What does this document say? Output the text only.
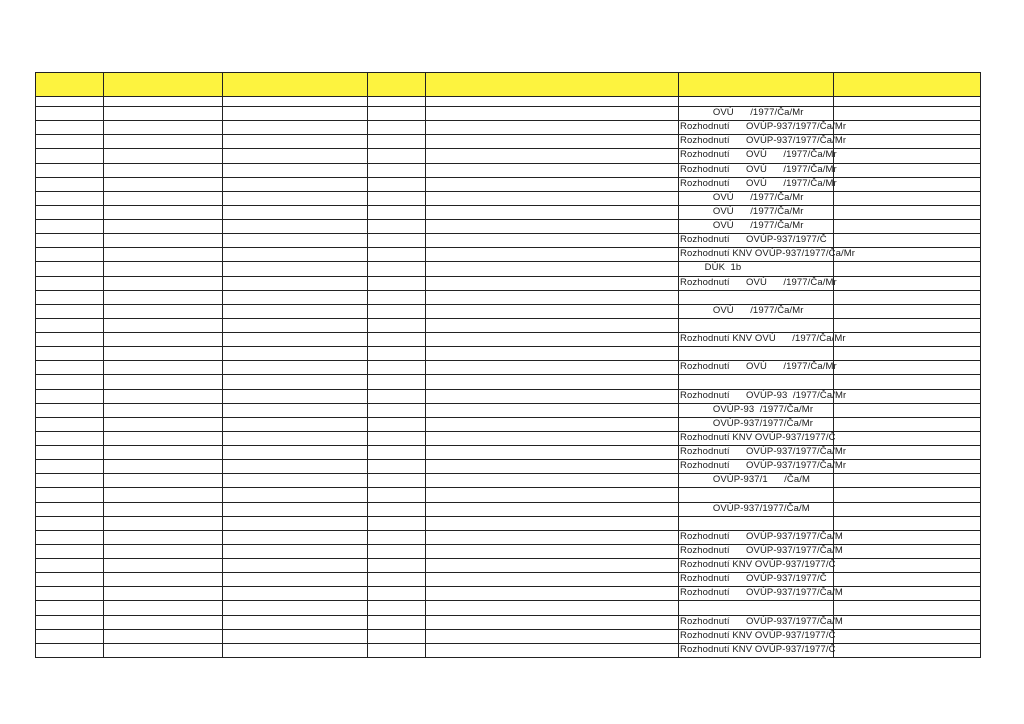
OVÚ      /1977/Ča/Mr
Rozhodnutí      OVÚP-937/1977/Ča/Mr
Rozhodnutí      OVÚP-937/1977/Ča/Mr
Rozhodnutí      OVÚ      /1977/Ča/Mr
Rozhodnutí      OVÚ      /1977/Ča/Mr
Rozhodnutí      OVÚ      /1977/Ča/Mr
OVÚ      /1977/Ča/Mr
OVÚ      /1977/Ča/Mr
OVÚ      /1977/Ča/Mr
Rozhodnutí      OVÚP-937/1977/Č
Rozhodnutí KNV OVÚP-937/1977/Ča/Mr
DÚK  1b
Rozhodnutí      OVÚ      /1977/Ča/Mr
OVÚ      /1977/Ča/Mr
Rozhodnutí KNV OVÚ      /1977/Ča/Mr
Rozhodnutí      OVÚ      /1977/Ča/Mr
Rozhodnutí      OVÚP-93  /1977/Ča/Mr
OVÚP-93  /1977/Ča/Mr
OVÚP-937/1977/Ča/Mr
Rozhodnutí KNV OVÚP-937/1977/Č
Rozhodnutí      OVÚP-937/1977/Ča/Mr
Rozhodnutí      OVÚP-937/1977/Ča/Mr
OVÚP-937/1      /Ča/M
OVÚP-937/1977/Ča/M
Rozhodnutí      OVÚP-937/1977/Ča/M
Rozhodnutí      OVÚP-937/1977/Ča/M
Rozhodnutí KNV OVÚP-937/1977/Č
Rozhodnutí      OVÚP-937/1977/Č
Rozhodnutí      OVÚP-937/1977/Ča/M
Rozhodnutí      OVÚP-937/1977/Ča/M
Rozhodnutí KNV OVÚP-937/1977/Č
Rozhodnutí KNV OVÚP-937/1977/Č
